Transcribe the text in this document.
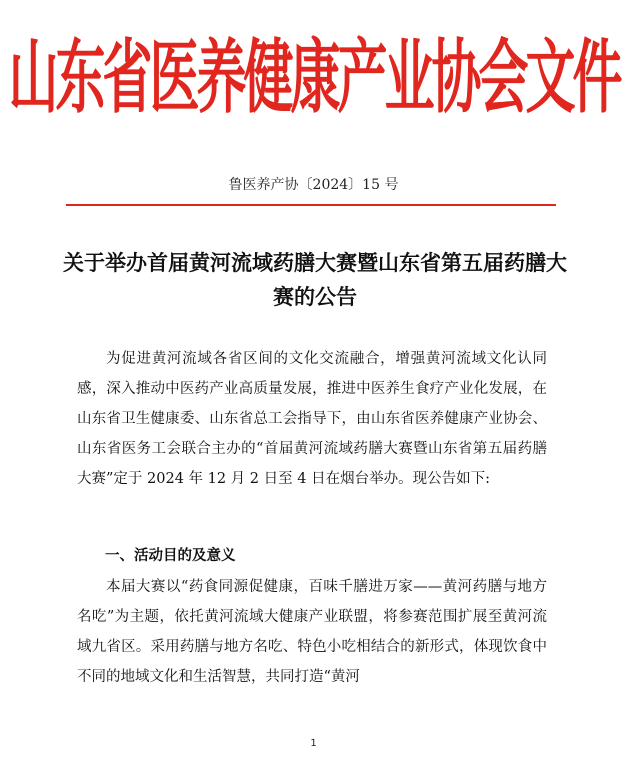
山东省医养健康产业协会文件
鲁医养产协〔2024〕15 号
关于举办首届黄河流域药膳大赛暨山东省第五届药膳大赛的公告
为促进黄河流域各省区间的文化交流融合，增强黄河流域文化认同感，深入推动中医药产业高质量发展，推进中医养生食疗产业化发展，在山东省卫生健康委、山东省总工会指导下，由山东省医养健康产业协会、山东省医务工会联合主办的“首届黄河流域药膳大赛暨山东省第五届药膳大赛”定于 2024 年 12 月 2 日至 4 日在烟台举办。现公告如下:
一、活动目的及意义
本届大赛以“药食同源促健康，百味千膳进万家——黄河药膳与地方名吃”为主题，依托黄河流域大健康产业联盟，将参赛范围扩展至黄河流域九省区。采用药膳与地方名吃、特色小吃相结合的新形式，体现饮食中不同的地域文化和生活智慧，共同打造“黄河
1
